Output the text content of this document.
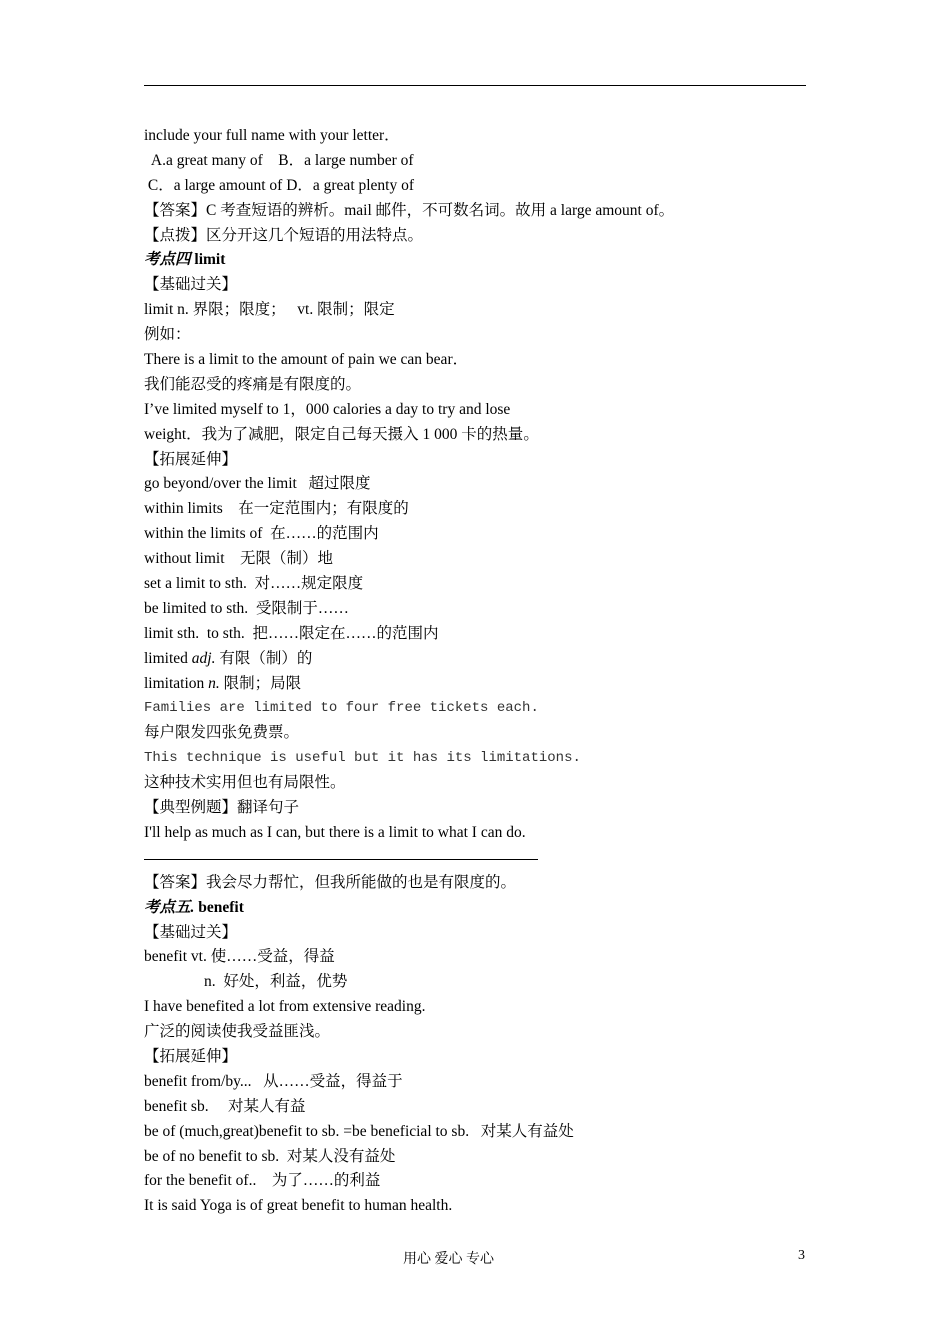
include your full name with your letter．
A.a great many of    B．a large number of
C．a large amount of D．a great plenty of
【答案】C 考查短语的辨析。mail 邮件，不可数名词。故用 a large amount of。
【点拨】区分开这几个短语的用法特点。
考点四 limit
【基础过关】
limit n. 界限；限度；   vt. 限制；限定
例如：
There is a limit to the amount of pain we can bear．
我们能忍受的疼痛是有限度的。
I’ve limited myself to 1，000 calories a day to try and lose
weight．我为了减肥，限定自己每天摄入 1 000 卡的热量。
【拓展延伸】
go beyond/over the limit   超过限度
within limits    在一定范围内；有限度的
within the limits of  在……的范围内
without limit    无限（制）地
set a limit to sth.  对……规定限度
be limited to sth.  受限制于……
limit sth.  to sth.  把……限定在……的范围内
limited adj. 有限（制）的
limitation n. 限制；局限
Families are limited to four free tickets each.
每户限发四张免费票。
This technique is useful but it has its limitations.
这种技术实用但也有局限性。
【典型例题】翻译句子
I'll help as much as I can, but there is a limit to what I can do.
【答案】我会尽力帮忙，但我所能做的也是有限度的。
考点五. benefit
【基础过关】
benefit vt. 使……受益，得益
n.  好处，利益，优势
I have benefited a lot from extensive reading.
广泛的阅读使我受益匪浅。
【拓展延伸】
benefit from/by...   从……受益，得益于
benefit sb.     对某人有益
be of (much,great)benefit to sb. =be beneficial to sb.   对某人有益处
be of no benefit to sb.  对某人没有益处
for the benefit of..    为了……的利益
It is said Yoga is of great benefit to human health.
用心 爱心 专心	3
